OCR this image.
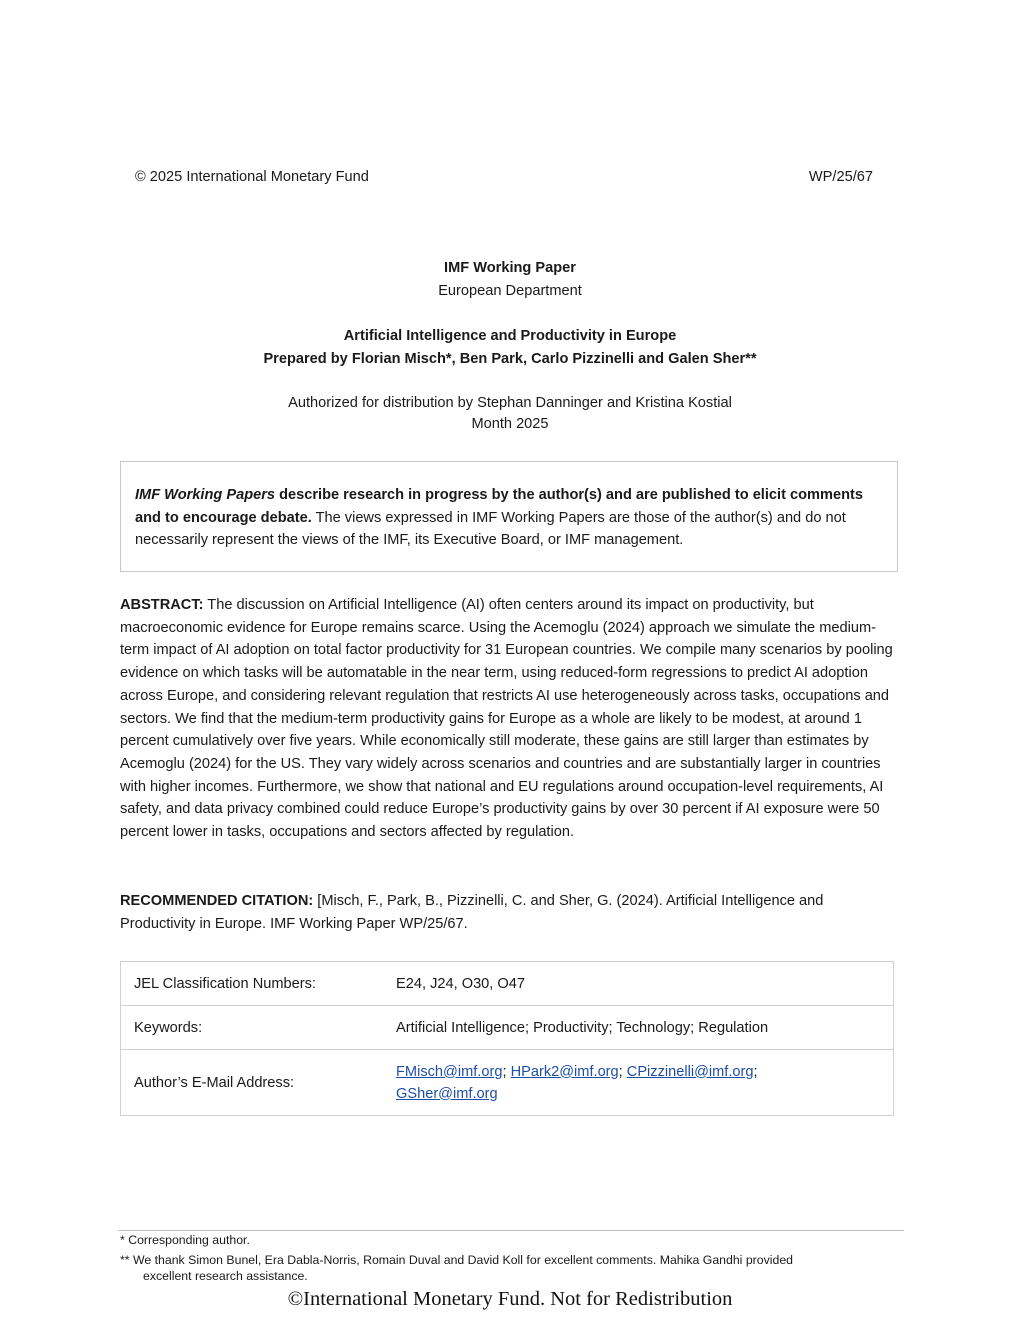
© 2025 International Monetary Fund	WP/25/67
IMF Working Paper
European Department
Artificial Intelligence and Productivity in Europe
Prepared by Florian Misch*, Ben Park, Carlo Pizzinelli and Galen Sher**
Authorized for distribution by Stephan Danninger and Kristina Kostial
Month 2025
IMF Working Papers describe research in progress by the author(s) and are published to elicit comments and to encourage debate. The views expressed in IMF Working Papers are those of the author(s) and do not necessarily represent the views of the IMF, its Executive Board, or IMF management.
ABSTRACT: The discussion on Artificial Intelligence (AI) often centers around its impact on productivity, but macroeconomic evidence for Europe remains scarce. Using the Acemoglu (2024) approach we simulate the medium-term impact of AI adoption on total factor productivity for 31 European countries. We compile many scenarios by pooling evidence on which tasks will be automatable in the near term, using reduced-form regressions to predict AI adoption across Europe, and considering relevant regulation that restricts AI use heterogeneously across tasks, occupations and sectors. We find that the medium-term productivity gains for Europe as a whole are likely to be modest, at around 1 percent cumulatively over five years. While economically still moderate, these gains are still larger than estimates by Acemoglu (2024) for the US. They vary widely across scenarios and countries and are substantially larger in countries with higher incomes. Furthermore, we show that national and EU regulations around occupation-level requirements, AI safety, and data privacy combined could reduce Europe’s productivity gains by over 30 percent if AI exposure were 50 percent lower in tasks, occupations and sectors affected by regulation.
RECOMMENDED CITATION: [Misch, F., Park, B., Pizzinelli, C. and Sher, G. (2024). Artificial Intelligence and Productivity in Europe. IMF Working Paper WP/25/67.
JEL Classification Numbers:	E24, J24, O30, O47
Keywords:	Artificial Intelligence; Productivity; Technology; Regulation
Author’s E-Mail Address:	FMisch@imf.org; HPark2@imf.org; CPizzinelli@imf.org;
GSher@imf.org
* Corresponding author.
** We thank Simon Bunel, Era Dabla-Norris, Romain Duval and David Koll for excellent comments. Mahika Gandhi provided
excellent research assistance.
©International Monetary Fund. Not for Redistribution
